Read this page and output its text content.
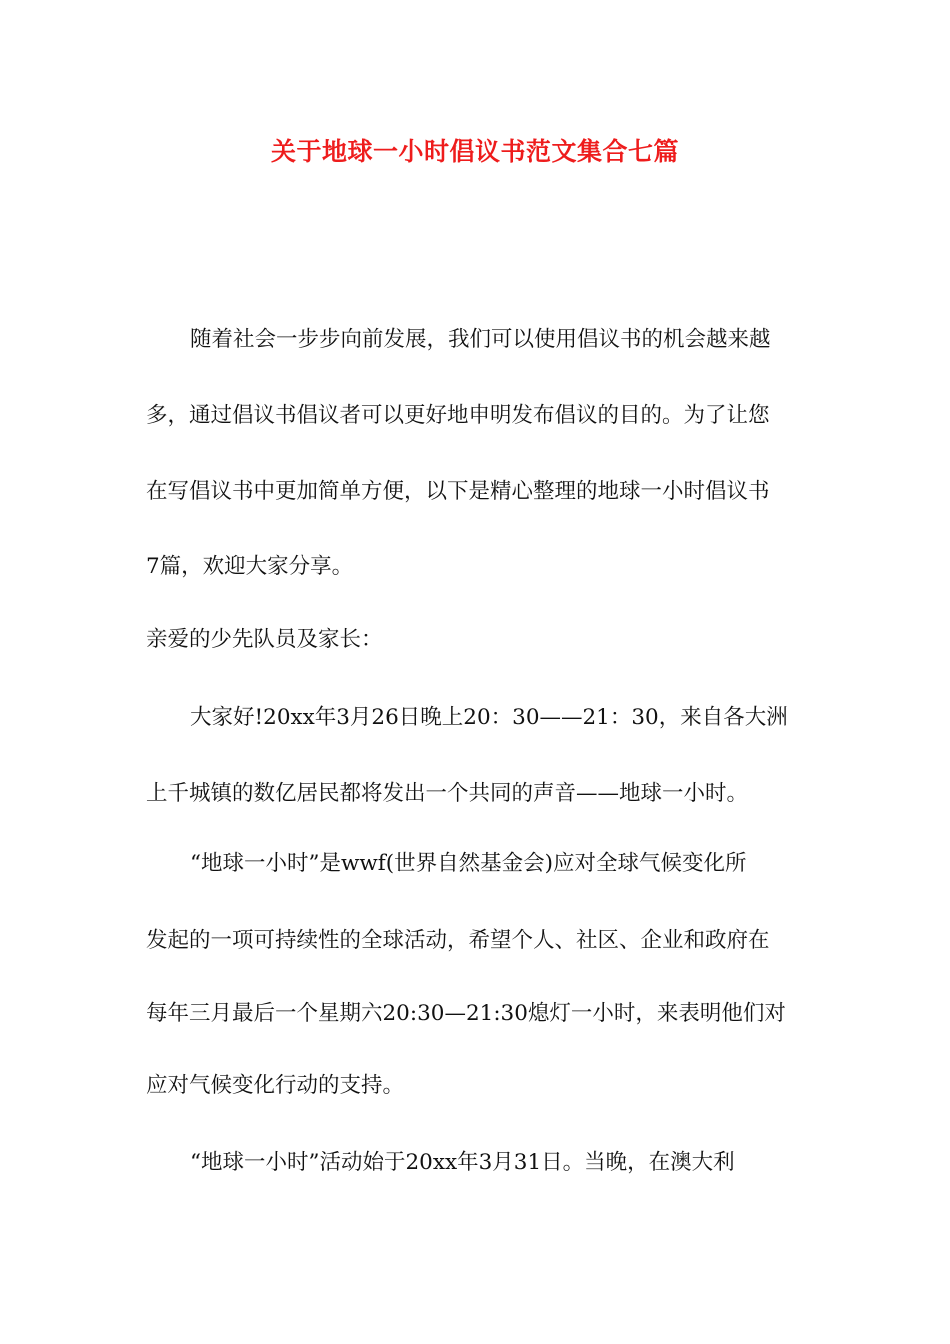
关于地球一小时倡议书范文集合七篇

随着社会一步步向前发展，我们可以使用倡议书的机会越来越

多，通过倡议书倡议者可以更好地申明发布倡议的目的。为了让您

在写倡议书中更加简单方便，以下是精心整理的地球一小时倡议书

7篇，欢迎大家分享。

亲爱的少先队员及家长：

大家好!20xx年3月26日晚上20：30——21：30，来自各大洲

上千城镇的数亿居民都将发出一个共同的声音——地球一小时。

“地球一小时”是wwf(世界自然基金会)应对全球气候变化所

发起的一项可持续性的全球活动，希望个人、社区、企业和政府在

每年三月最后一个星期六20:30—21:30熄灯一小时，来表明他们对

应对气候变化行动的支持。

“地球一小时”活动始于20xx年3月31日。当晚，在澳大利
